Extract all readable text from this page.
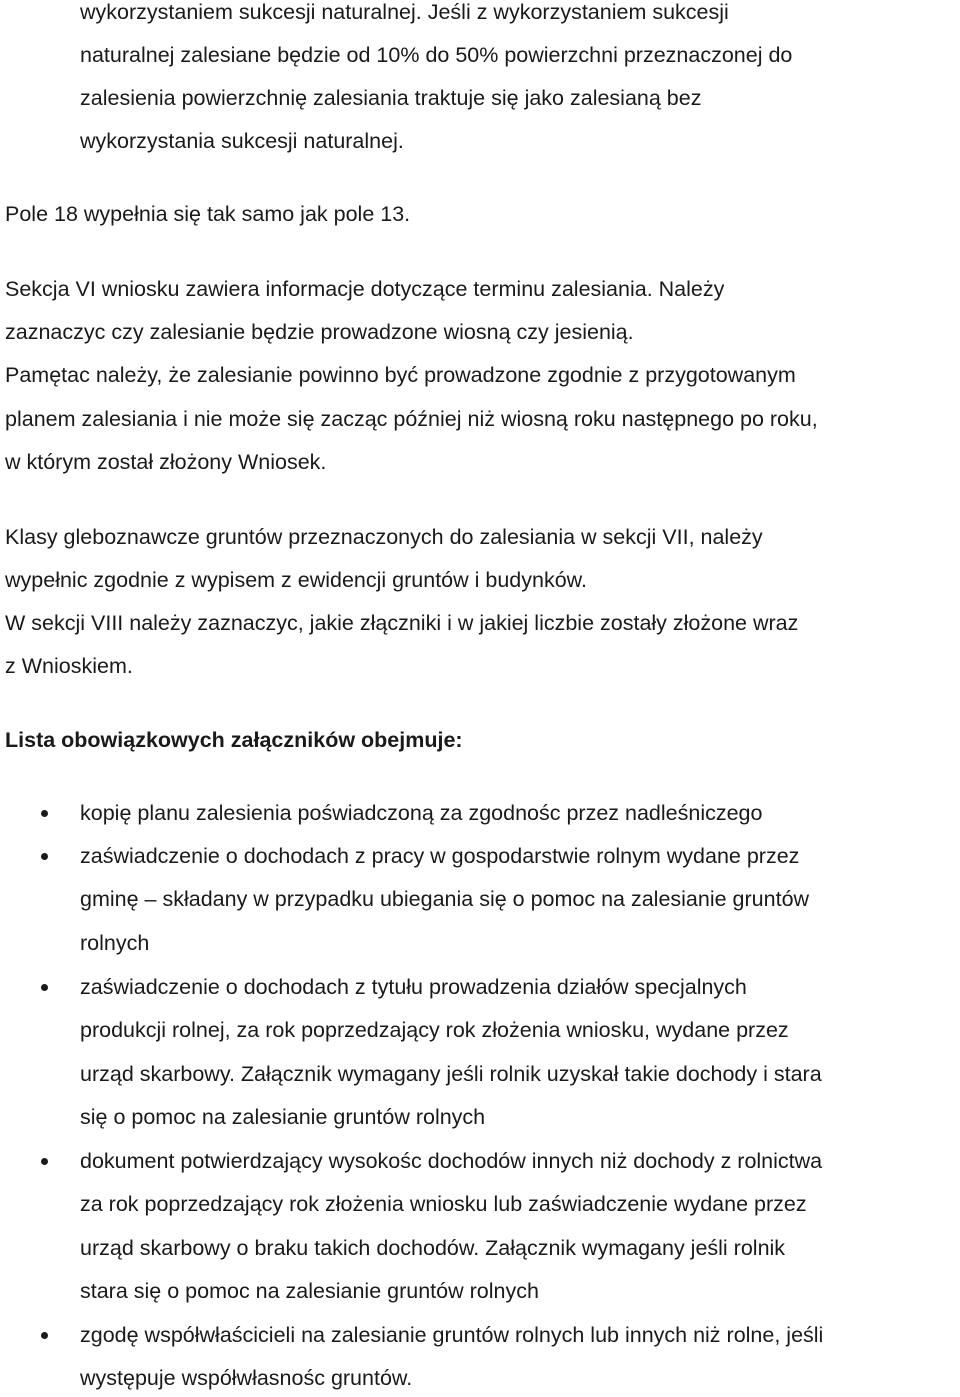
wykorzystaniem sukcesji naturalnej. Jeśli z wykorzystaniem sukcesji
naturalnej zalesiane będzie od 10% do 50% powierzchni przeznaczonej do
zalesienia powierzchnię zalesiania traktuje się jako zalesianą bez
wykorzystania sukcesji naturalnej.
Pole 18 wypełnia się tak samo jak pole 13.
Sekcja VI wniosku zawiera informacje dotyczące terminu zalesiania. Należy
zaznaczyc czy zalesianie będzie prowadzone wiosną czy jesienią.
Pamętac należy, że zalesianie powinno być prowadzone zgodnie z przygotowanym
planem zalesiania i nie może się zacząc później niż wiosną roku następnego po roku,
w którym został złożony Wniosek.
Klasy gleboznawcze gruntów przeznaczonych do zalesiania w sekcji VII, należy
wypełnic zgodnie z wypisem z ewidencji gruntów i budynków.
W sekcji VIII należy zaznaczyc, jakie złączniki i w jakiej liczbie zostały złożone wraz
z Wnioskiem.
Lista obowiązkowych załączników obejmuje:
kopię planu zalesienia poświadczoną za zgodnośc przez nadleśniczego
zaświadczenie o dochodach z pracy w gospodarstwie rolnym wydane przez
gminę – składany w przypadku ubiegania się o pomoc na zalesianie gruntów
rolnych
zaświadczenie o dochodach z tytułu prowadzenia działów specjalnych
produkcji rolnej, za rok poprzedzający rok złożenia wniosku, wydane przez
urząd skarbowy. Załącznik wymagany jeśli rolnik uzyskał takie dochody i stara
się o pomoc na zalesianie gruntów rolnych
dokument potwierdzający wysokośc dochodów innych niż dochody z rolnictwa
za rok poprzedzający rok złożenia wniosku lub zaświadczenie wydane przez
urząd skarbowy o braku takich dochodów. Załącznik wymagany jeśli rolnik
stara się o pomoc na zalesianie gruntów rolnych
zgodę współwłaścicieli na zalesianie gruntów rolnych lub innych niż rolne, jeśli
występuje współwłasnośc gruntów.
